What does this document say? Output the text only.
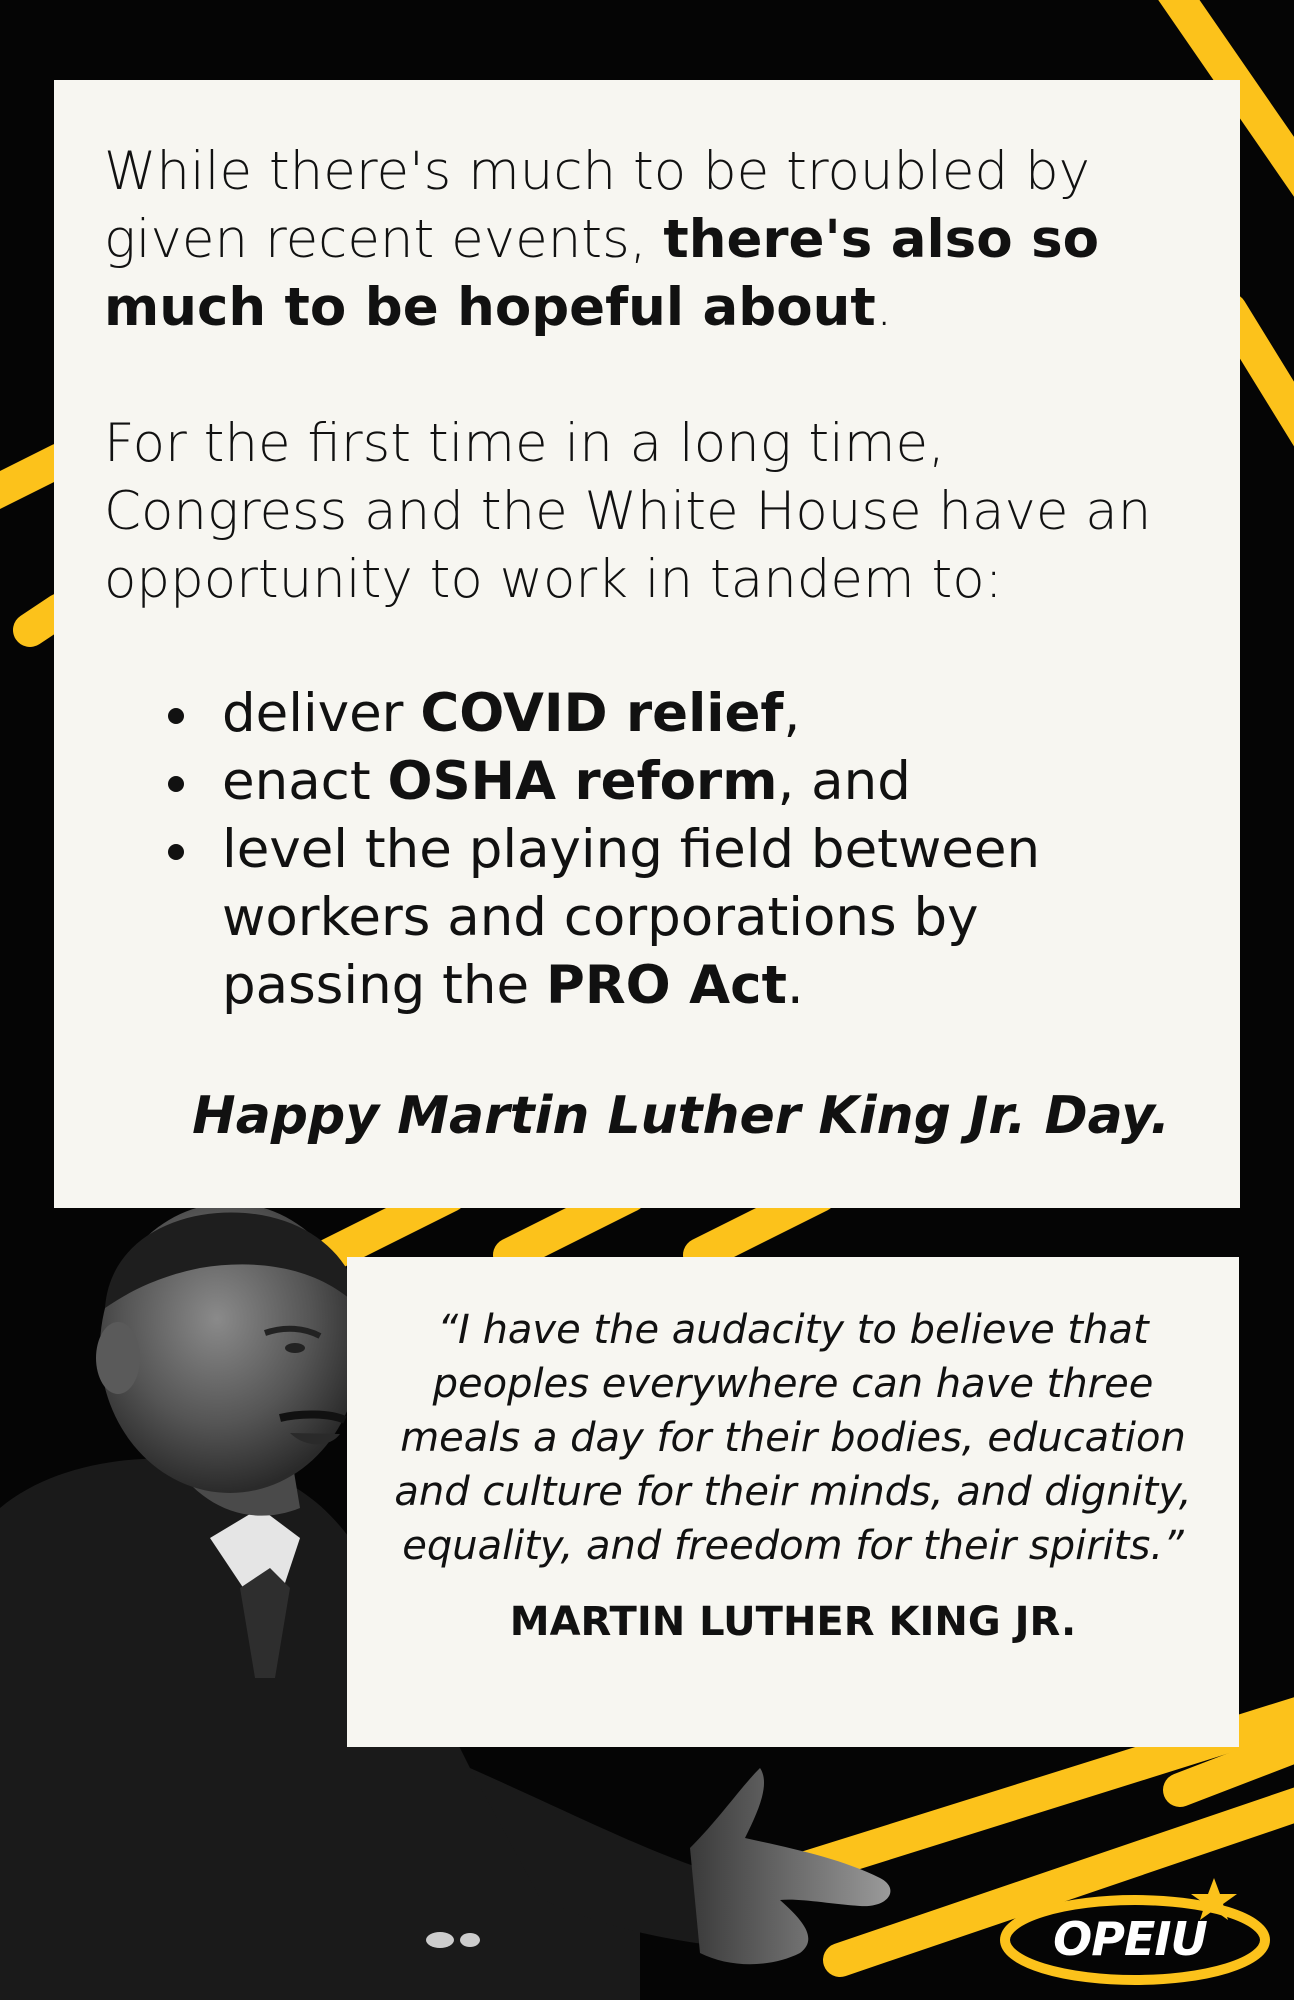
While there's much to be troubled by given recent events, there's also so much to be hopeful about.

For the first time in a long time, Congress and the White House have an opportunity to work in tandem to:

deliver COVID relief,
enact OSHA reform, and
level the playing field between workers and corporations by passing the PRO Act.

Happy Martin Luther King Jr. Day.

“I have the audacity to believe that peoples everywhere can have three meals a day for their bodies, education and culture for their minds, and dignity, equality, and freedom for their spirits.”

MARTIN LUTHER KING JR.
OPEIU
